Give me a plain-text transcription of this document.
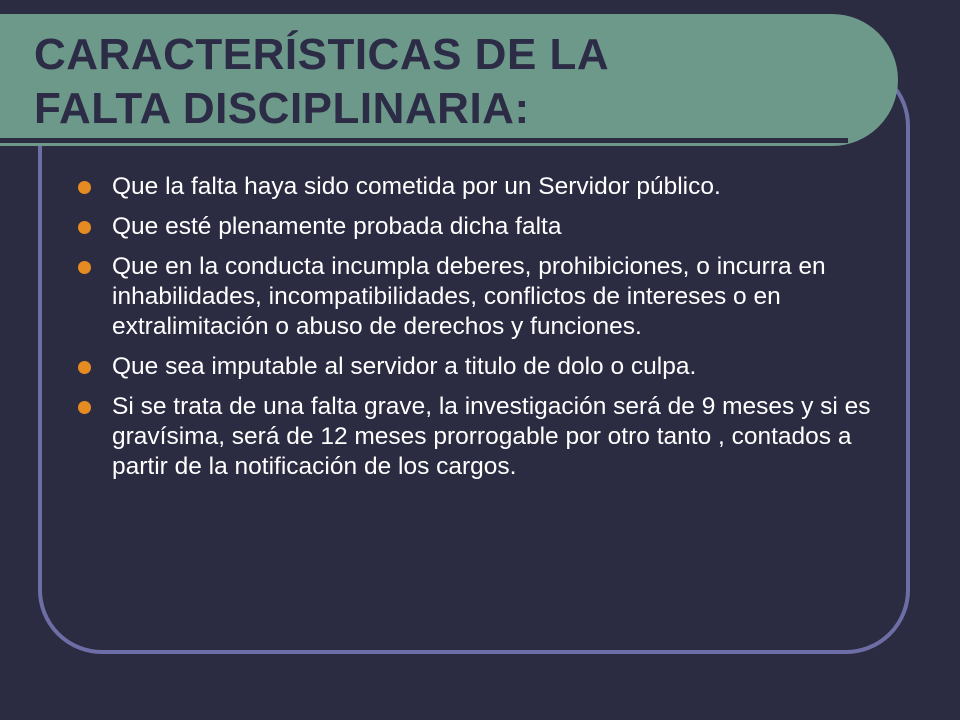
CARACTERÍSTICAS DE LA
FALTA DISCIPLINARIA:
Que la falta haya sido cometida por un Servidor público.
Que esté plenamente probada dicha falta
Que en la conducta incumpla deberes, prohibiciones, o incurra en inhabilidades, incompatibilidades, conflictos de intereses o en extralimitación o abuso de derechos y funciones.
Que sea imputable al servidor a titulo de dolo o culpa.
Si se trata de una falta grave, la investigación será de 9 meses y si es gravísima, será de 12 meses prorrogable por otro tanto , contados a partir de la notificación de los cargos.
